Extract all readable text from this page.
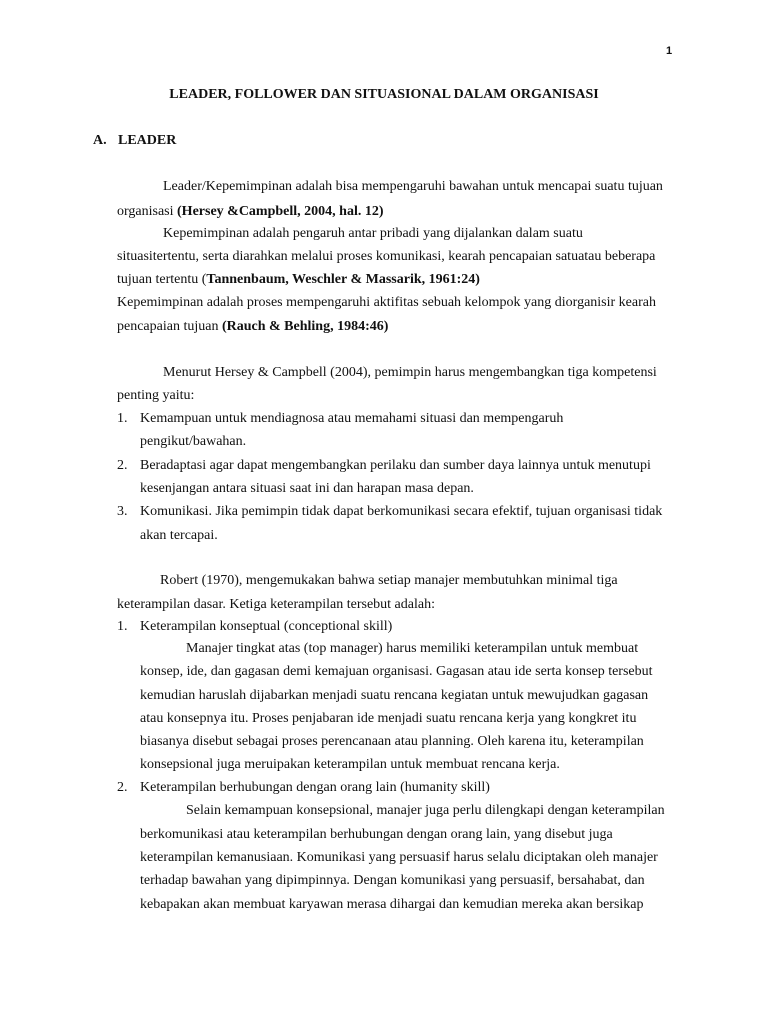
1
LEADER, FOLLOWER DAN SITUASIONAL DALAM ORGANISASI
A. LEADER
Leader/Kepemimpinan adalah bisa mempengaruhi bawahan untuk mencapai suatu tujuan
organisasi (Hersey &Campbell, 2004, hal. 12)
Kepemimpinan adalah pengaruh antar pribadi yang dijalankan dalam suatu
situasitertentu, serta diarahkan melalui proses komunikasi, kearah pencapaian satuatau beberapa
tujuan tertentu (Tannenbaum, Weschler & Massarik, 1961:24)
Kepemimpinan adalah proses mempengaruhi aktifitas sebuah kelompok yang diorganisir kearah
pencapaian tujuan (Rauch & Behling, 1984:46)
Menurut Hersey & Campbell (2004), pemimpin harus mengembangkan tiga kompetensi
penting yaitu:
1. Kemampuan untuk mendiagnosa atau memahami situasi dan mempengaruh
pengikut/bawahan.
2. Beradaptasi agar dapat mengembangkan perilaku dan sumber daya lainnya untuk menutupi
kesenjangan antara situasi saat ini dan harapan masa depan.
3. Komunikasi. Jika pemimpin tidak dapat berkomunikasi secara efektif, tujuan organisasi tidak
akan tercapai.
Robert (1970), mengemukakan bahwa setiap manajer membutuhkan minimal tiga
keterampilan dasar. Ketiga keterampilan tersebut adalah:
1. Keterampilan konseptual (conceptional skill)
Manajer tingkat atas (top manager) harus memiliki keterampilan untuk membuat
konsep, ide, dan gagasan demi kemajuan organisasi. Gagasan atau ide serta konsep tersebut
kemudian haruslah dijabarkan menjadi suatu rencana kegiatan untuk mewujudkan gagasan
atau konsepnya itu. Proses penjabaran ide menjadi suatu rencana kerja yang kongkret itu
biasanya disebut sebagai proses perencanaan atau planning. Oleh karena itu, keterampilan
konsepsional juga meruipakan keterampilan untuk membuat rencana kerja.
2. Keterampilan berhubungan dengan orang lain (humanity skill)
Selain kemampuan konsepsional, manajer juga perlu dilengkapi dengan keterampilan
berkomunikasi atau keterampilan berhubungan dengan orang lain, yang disebut juga
keterampilan kemanusiaan. Komunikasi yang persuasif harus selalu diciptakan oleh manajer
terhadap bawahan yang dipimpinnya. Dengan komunikasi yang persuasif, bersahabat, dan
kebapakan akan membuat karyawan merasa dihargai dan kemudian mereka akan bersikap
